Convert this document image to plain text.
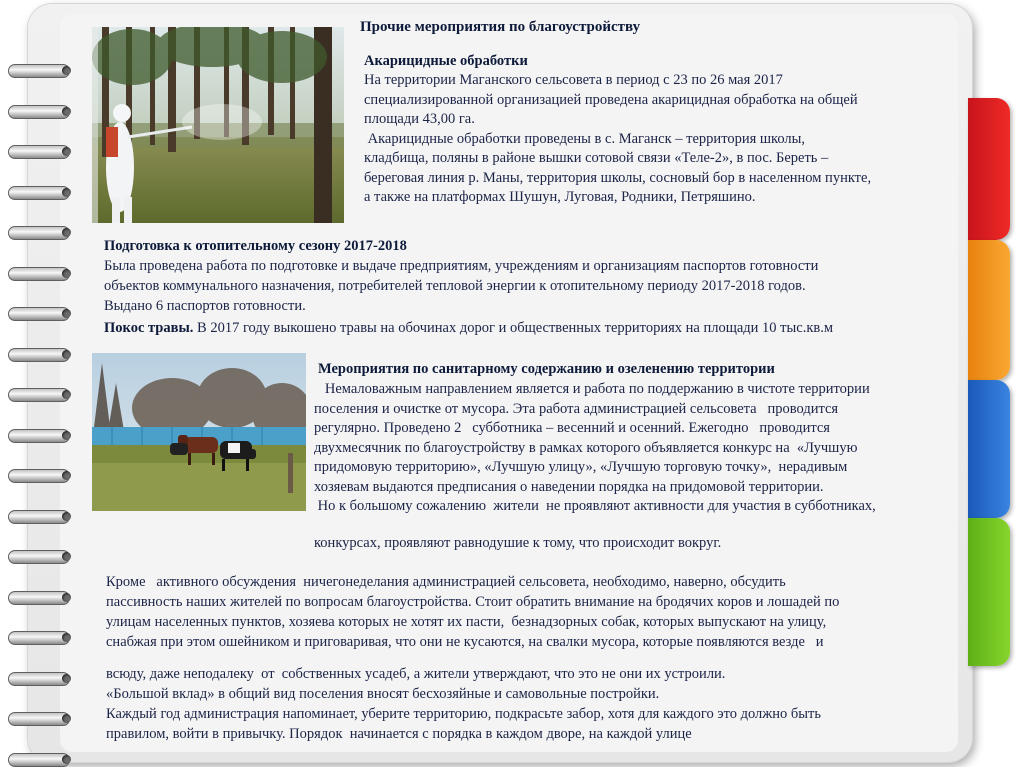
Прочие мероприятия по благоустройству

Акарицидные обработки

На территории Маганского сельсовета в период с 23 по 26 мая 2017
специализированной организацией проведена акарицидная обработка на общей
площади 43,00 га.
Акарицидные обработки проведены в с. Маганск – территория школы,
кладбища, поляны в районе вышки сотовой связи «Теле-2», в пос. Береть –
береговая линия р. Маны, территория школы, сосновый бор в населенном пункте,
а также на платформах Шушун, Луговая, Родники, Петряшино.

Подготовка к отопительному сезону 2017-2018

Была проведена работа по подготовке и выдаче предприятиям, учреждениям и организациям паспортов готовности
объектов коммунального назначения, потребителей тепловой энергии к отопительному периоду 2017-2018 годов.
Выдано 6 паспортов готовности.

Покос травы. В 2017 году выкошено травы на обочинах дорог и общественных территориях на площади 10 тыс.кв.м

Мероприятия по санитарному содержанию и озеленению территории

Немаловажным направлением является и работа по поддержанию в чистоте территории
поселения и очистке от мусора. Эта работа администрацией сельсовета   проводится
регулярно. Проведено 2   субботника – весенний и осенний. Ежегодно   проводится
двухмесячник по благоустройству в рамках которого объявляется конкурс на  «Лучшую
придомовую территорию», «Лучшую улицу», «Лучшую торговую точку»,  нерадивым
хозяевам выдаются предписания о наведении порядка на придомовой территории.
Но к большому сожалению  жители  не проявляют активности для участия в субботниках,

конкурсах, проявляют равнодушие к тому, что происходит вокруг.

Кроме   активного обсуждения  ничегонеделания администрацией сельсовета, необходимо, наверно, обсудить
пассивность наших жителей по вопросам благоустройства. Стоит обратить внимание на бродячих коров и лошадей по
улицам населенных пунктов, хозяева которых не хотят их пасти,  безнадзорных собак, которых выпускают на улицу,
снабжая при этом ошейником и приговаривая, что они не кусаются, на свалки мусора, которые появляются везде   и
всюду, даже неподалеку  от  собственных усадеб, а жители утверждают, что это не они их устроили.
«Большой вклад» в общий вид поселения вносят бесхозяйные и самовольные постройки.
Каждый год администрация напоминает, уберите территорию, подкрасьте забор, хотя для каждого это должно быть
правилом, войти в привычку. Порядок  начинается с порядка в каждом дворе, на каждой улице
